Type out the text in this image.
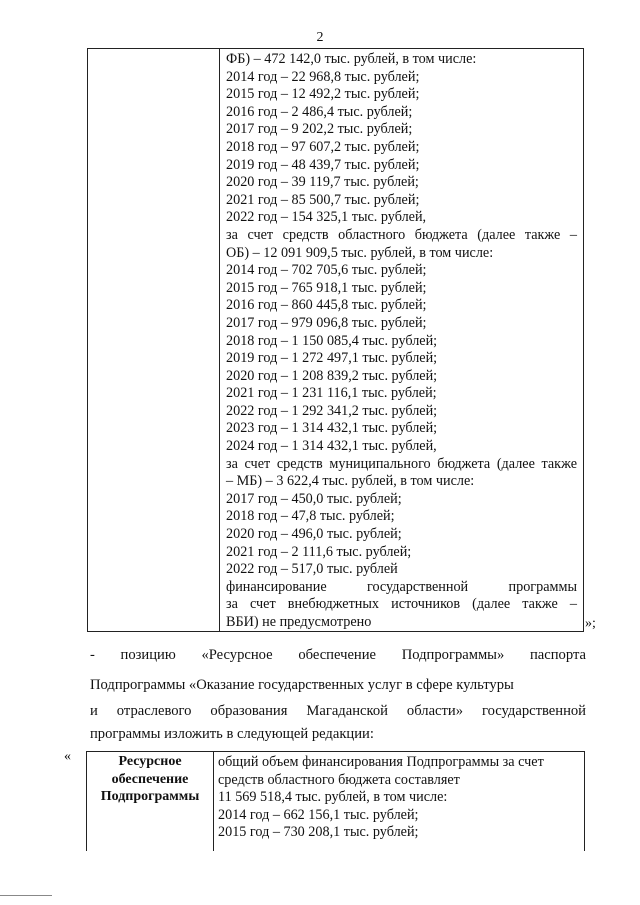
2
ФБ) – 472 142,0 тыс. рублей, в том числе:
2014 год – 22 968,8 тыс. рублей;
2015 год – 12 492,2 тыс. рублей;
2016 год – 2 486,4 тыс. рублей;
2017 год – 9 202,2 тыс. рублей;
2018 год – 97 607,2 тыс. рублей;
2019 год – 48 439,7 тыс. рублей;
2020 год – 39 119,7 тыс. рублей;
2021 год – 85 500,7 тыс. рублей;
2022 год – 154 325,1 тыс. рублей,
за счет средств областного бюджета (далее также –
ОБ) – 12 091 909,5 тыс. рублей, в том числе:
2014 год – 702 705,6 тыс. рублей;
2015 год – 765 918,1 тыс. рублей;
2016 год – 860 445,8 тыс. рублей;
2017 год – 979 096,8 тыс. рублей;
2018 год – 1 150 085,4 тыс. рублей;
2019 год – 1 272 497,1 тыс. рублей;
2020 год – 1 208 839,2 тыс. рублей;
2021 год – 1 231 116,1 тыс. рублей;
2022 год – 1 292 341,2 тыс. рублей;
2023 год – 1 314 432,1 тыс. рублей;
2024 год – 1 314 432,1 тыс. рублей,
за счет средств муниципального бюджета (далее также
– МБ) – 3 622,4 тыс. рублей, в том числе:
2017 год – 450,0 тыс. рублей;
2018 год – 47,8 тыс. рублей;
2020 год – 496,0 тыс. рублей;
2021 год – 2 111,6 тыс. рублей;
2022 год – 517,0 тыс. рублей
финансирование государственной программы
за счет внебюджетных источников (далее также –
ВБИ) не предусмотрено	»;
- позицию «Ресурсное обеспечение Подпрограммы» паспорта
Подпрограммы «Оказание государственных услуг в сфере культуры
и отраслевого образования Магаданской области» государственной
программы изложить в следующей редакции:
«	Ресурсное
обеспечение
Подпрограммы
общий объем финансирования Подпрограммы за счет
средств областного бюджета составляет
11 569 518,4 тыс. рублей, в том числе:
2014 год – 662 156,1 тыс. рублей;
2015 год – 730 208,1 тыс. рублей;
